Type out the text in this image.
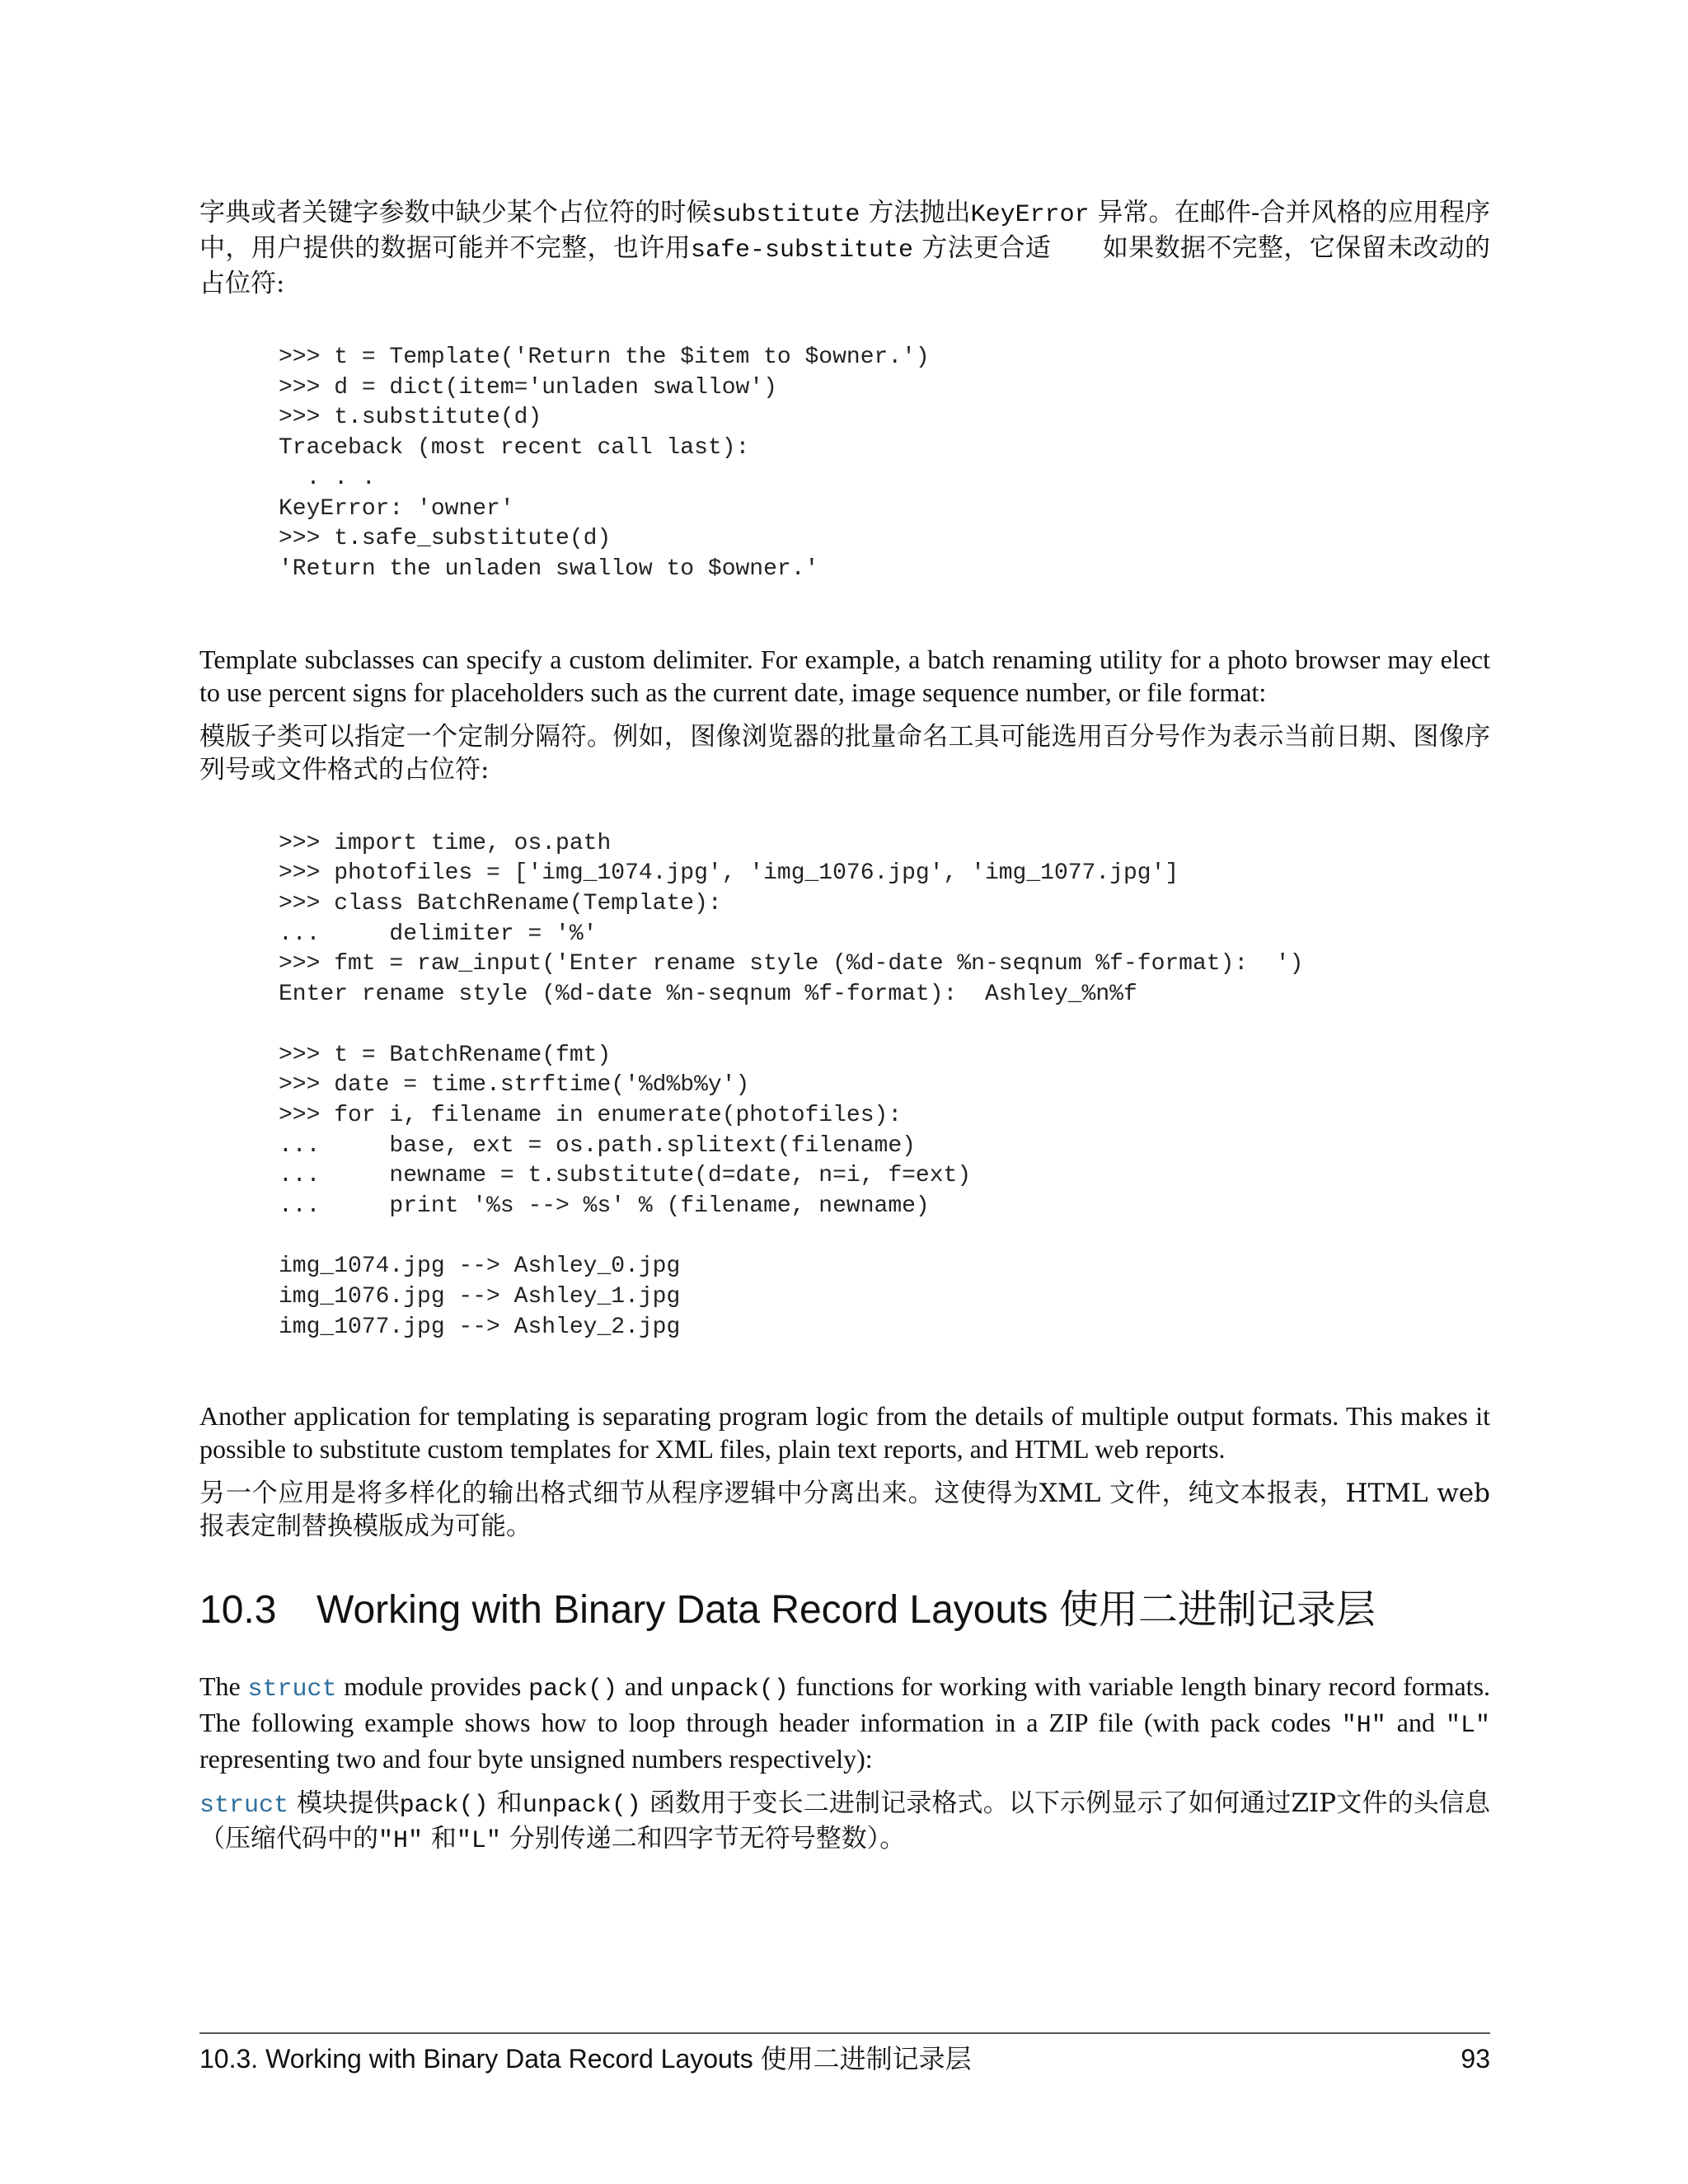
字典或者关键字参数中缺少某个占位符的时候substitute 方法抛出KeyError 异常。在邮件-合并风格的应用程序中，用户提供的数据可能并不完整，也许用safe-substitute 方法更合适　　如果数据不完整，它保留未改动的占位符:

>>> t = Template('Return the $item to $owner.')
>>> d = dict(item='unladen swallow')
>>> t.substitute(d)
Traceback (most recent call last):
. . .
KeyError: 'owner'
>>> t.safe_substitute(d)
'Return the unladen swallow to $owner.'

Template subclasses can specify a custom delimiter. For example, a batch renaming utility for a photo browser may elect to use percent signs for placeholders such as the current date, image sequence number, or file format:

模版子类可以指定一个定制分隔符。例如，图像浏览器的批量命名工具可能选用百分号作为表示当前日期、图像序列号或文件格式的占位符:

>>> import time, os.path
>>> photofiles = ['img_1074.jpg', 'img_1076.jpg', 'img_1077.jpg']
>>> class BatchRename(Template):
...     delimiter = '%'
>>> fmt = raw_input('Enter rename style (%d-date %n-seqnum %f-format):  ')
Enter rename style (%d-date %n-seqnum %f-format):  Ashley_%n%f

>>> t = BatchRename(fmt)
>>> date = time.strftime('%d%b%y')
>>> for i, filename in enumerate(photofiles):
...     base, ext = os.path.splitext(filename)
...     newname = t.substitute(d=date, n=i, f=ext)
...     print '%s --> %s' % (filename, newname)

img_1074.jpg --> Ashley_0.jpg
img_1076.jpg --> Ashley_1.jpg
img_1077.jpg --> Ashley_2.jpg

Another application for templating is separating program logic from the details of multiple output formats. This makes it possible to substitute custom templates for XML files, plain text reports, and HTML web reports.

另一个应用是将多样化的输出格式细节从程序逻辑中分离出来。这使得为XML 文件，纯文本报表，HTML web 报表定制替换模版成为可能。

10.3 Working with Binary Data Record Layouts 使用二进制记录层

The struct module provides pack() and unpack() functions for working with variable length binary record formats. The following example shows how to loop through header information in a ZIP file (with pack codes "H" and "L" representing two and four byte unsigned numbers respectively):

struct 模块提供pack() 和unpack() 函数用于变长二进制记录格式。以下示例显示了如何通过ZIP文件的头信息（压缩代码中的"H" 和"L" 分别传递二和四字节无符号整数）。

10.3. Working with Binary Data Record Layouts 使用二进制记录层	93
